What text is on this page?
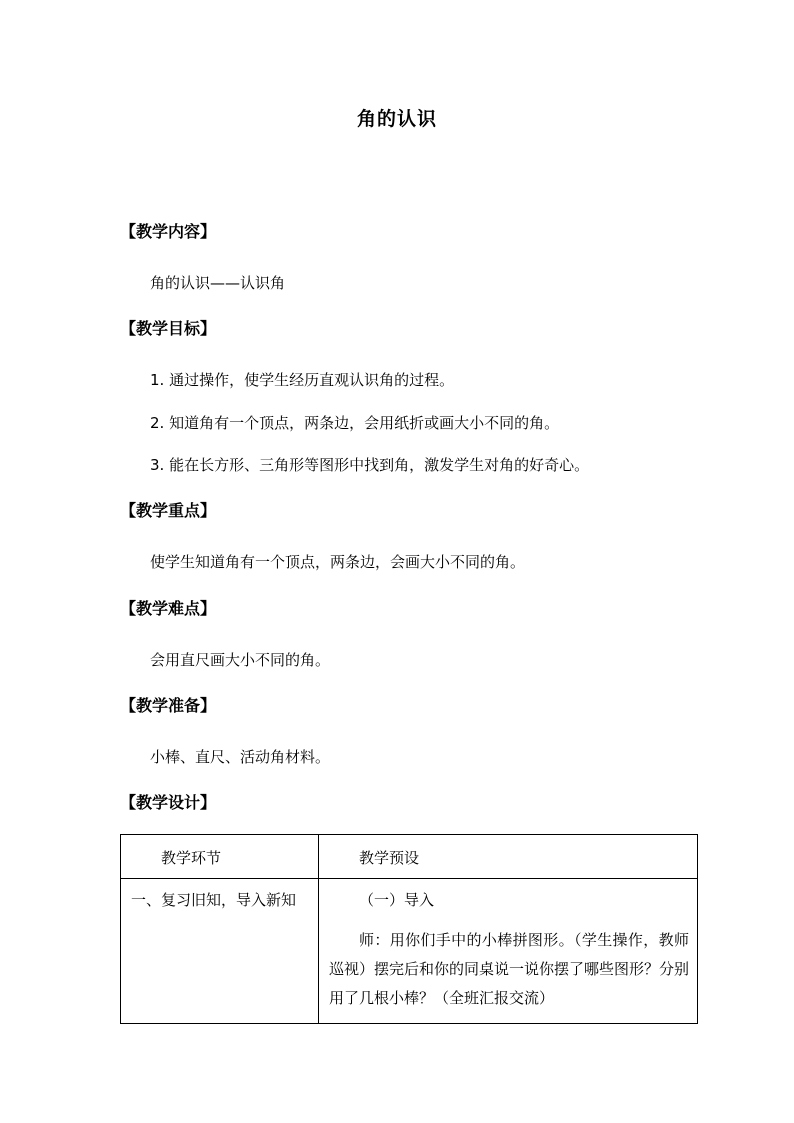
角的认识
【教学内容】
角的认识——认识角
【教学目标】
1. 通过操作，使学生经历直观认识角的过程。
2. 知道角有一个顶点，两条边，会用纸折或画大小不同的角。
3. 能在长方形、三角形等图形中找到角，激发学生对角的好奇心。
【教学重点】
使学生知道角有一个顶点，两条边，会画大小不同的角。
【教学难点】
会用直尺画大小不同的角。
【教学准备】
小棒、直尺、活动角材料。
【教学设计】
教学环节	教学预设

一、复习旧知，导入新知	（一）导入
师：用你们手中的小棒拼图形。（学生操作，教师巡视）摆完后和你的同桌说一说你摆了哪些图形？分别用了几根小棒？（全班汇报交流）
